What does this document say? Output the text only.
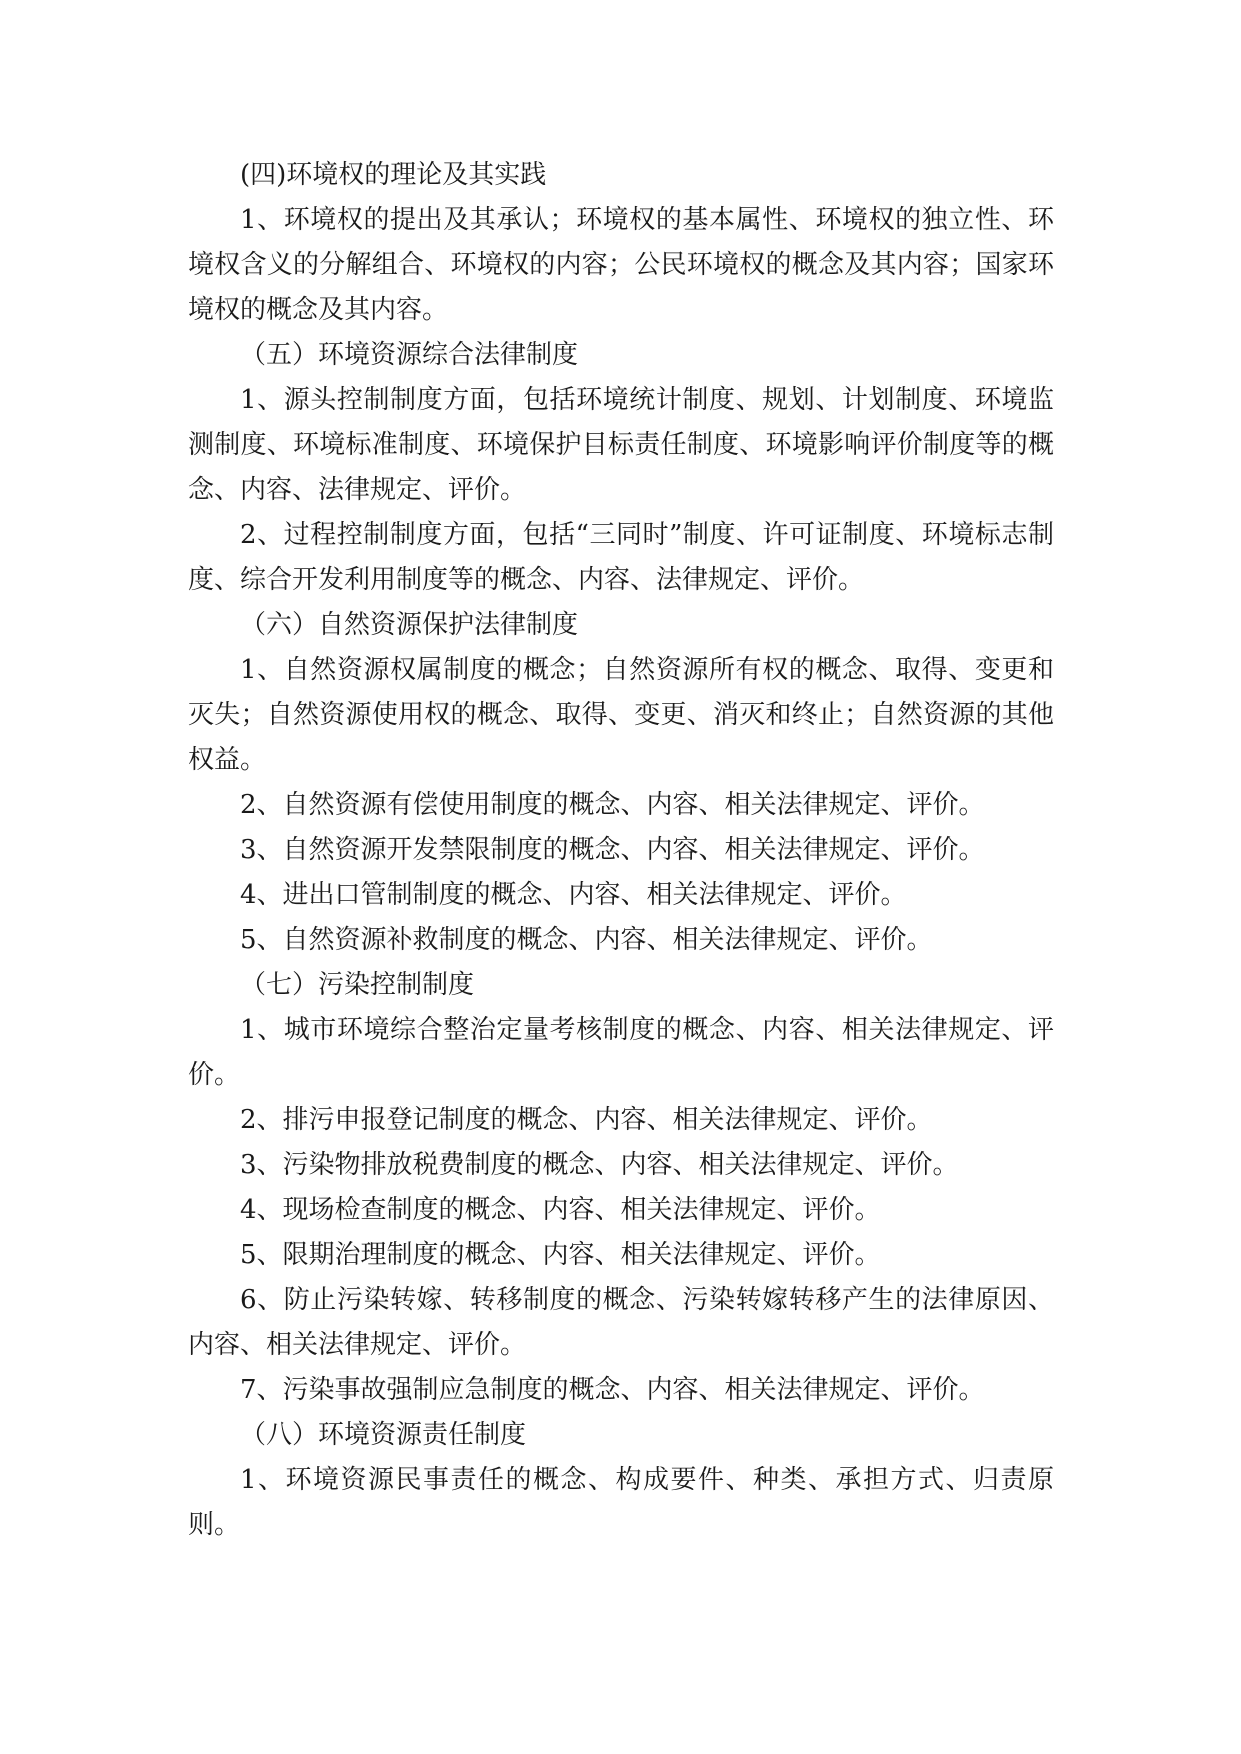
(四)环境权的理论及其实践

1、环境权的提出及其承认；环境权的基本属性、环境权的独立性、环境权含义的分解组合、环境权的内容；公民环境权的概念及其内容；国家环境权的概念及其内容。

（五）环境资源综合法律制度

1、源头控制制度方面，包括环境统计制度、规划、计划制度、环境监测制度、环境标准制度、环境保护目标责任制度、环境影响评价制度等的概念、内容、法律规定、评价。

2、过程控制制度方面，包括“三同时”制度、许可证制度、环境标志制度、综合开发利用制度等的概念、内容、法律规定、评价。

（六）自然资源保护法律制度

1、自然资源权属制度的概念；自然资源所有权的概念、取得、变更和灭失；自然资源使用权的概念、取得、变更、消灭和终止；自然资源的其他权益。

2、自然资源有偿使用制度的概念、内容、相关法律规定、评价。

3、自然资源开发禁限制度的概念、内容、相关法律规定、评价。

4、进出口管制制度的概念、内容、相关法律规定、评价。

5、自然资源补救制度的概念、内容、相关法律规定、评价。

（七）污染控制制度

1、城市环境综合整治定量考核制度的概念、内容、相关法律规定、评价。

2、排污申报登记制度的概念、内容、相关法律规定、评价。

3、污染物排放税费制度的概念、内容、相关法律规定、评价。

4、现场检查制度的概念、内容、相关法律规定、评价。

5、限期治理制度的概念、内容、相关法律规定、评价。

6、防止污染转嫁、转移制度的概念、污染转嫁转移产生的法律原因、内容、相关法律规定、评价。

7、污染事故强制应急制度的概念、内容、相关法律规定、评价。

（八）环境资源责任制度

1、环境资源民事责任的概念、构成要件、种类、承担方式、归责原则。
